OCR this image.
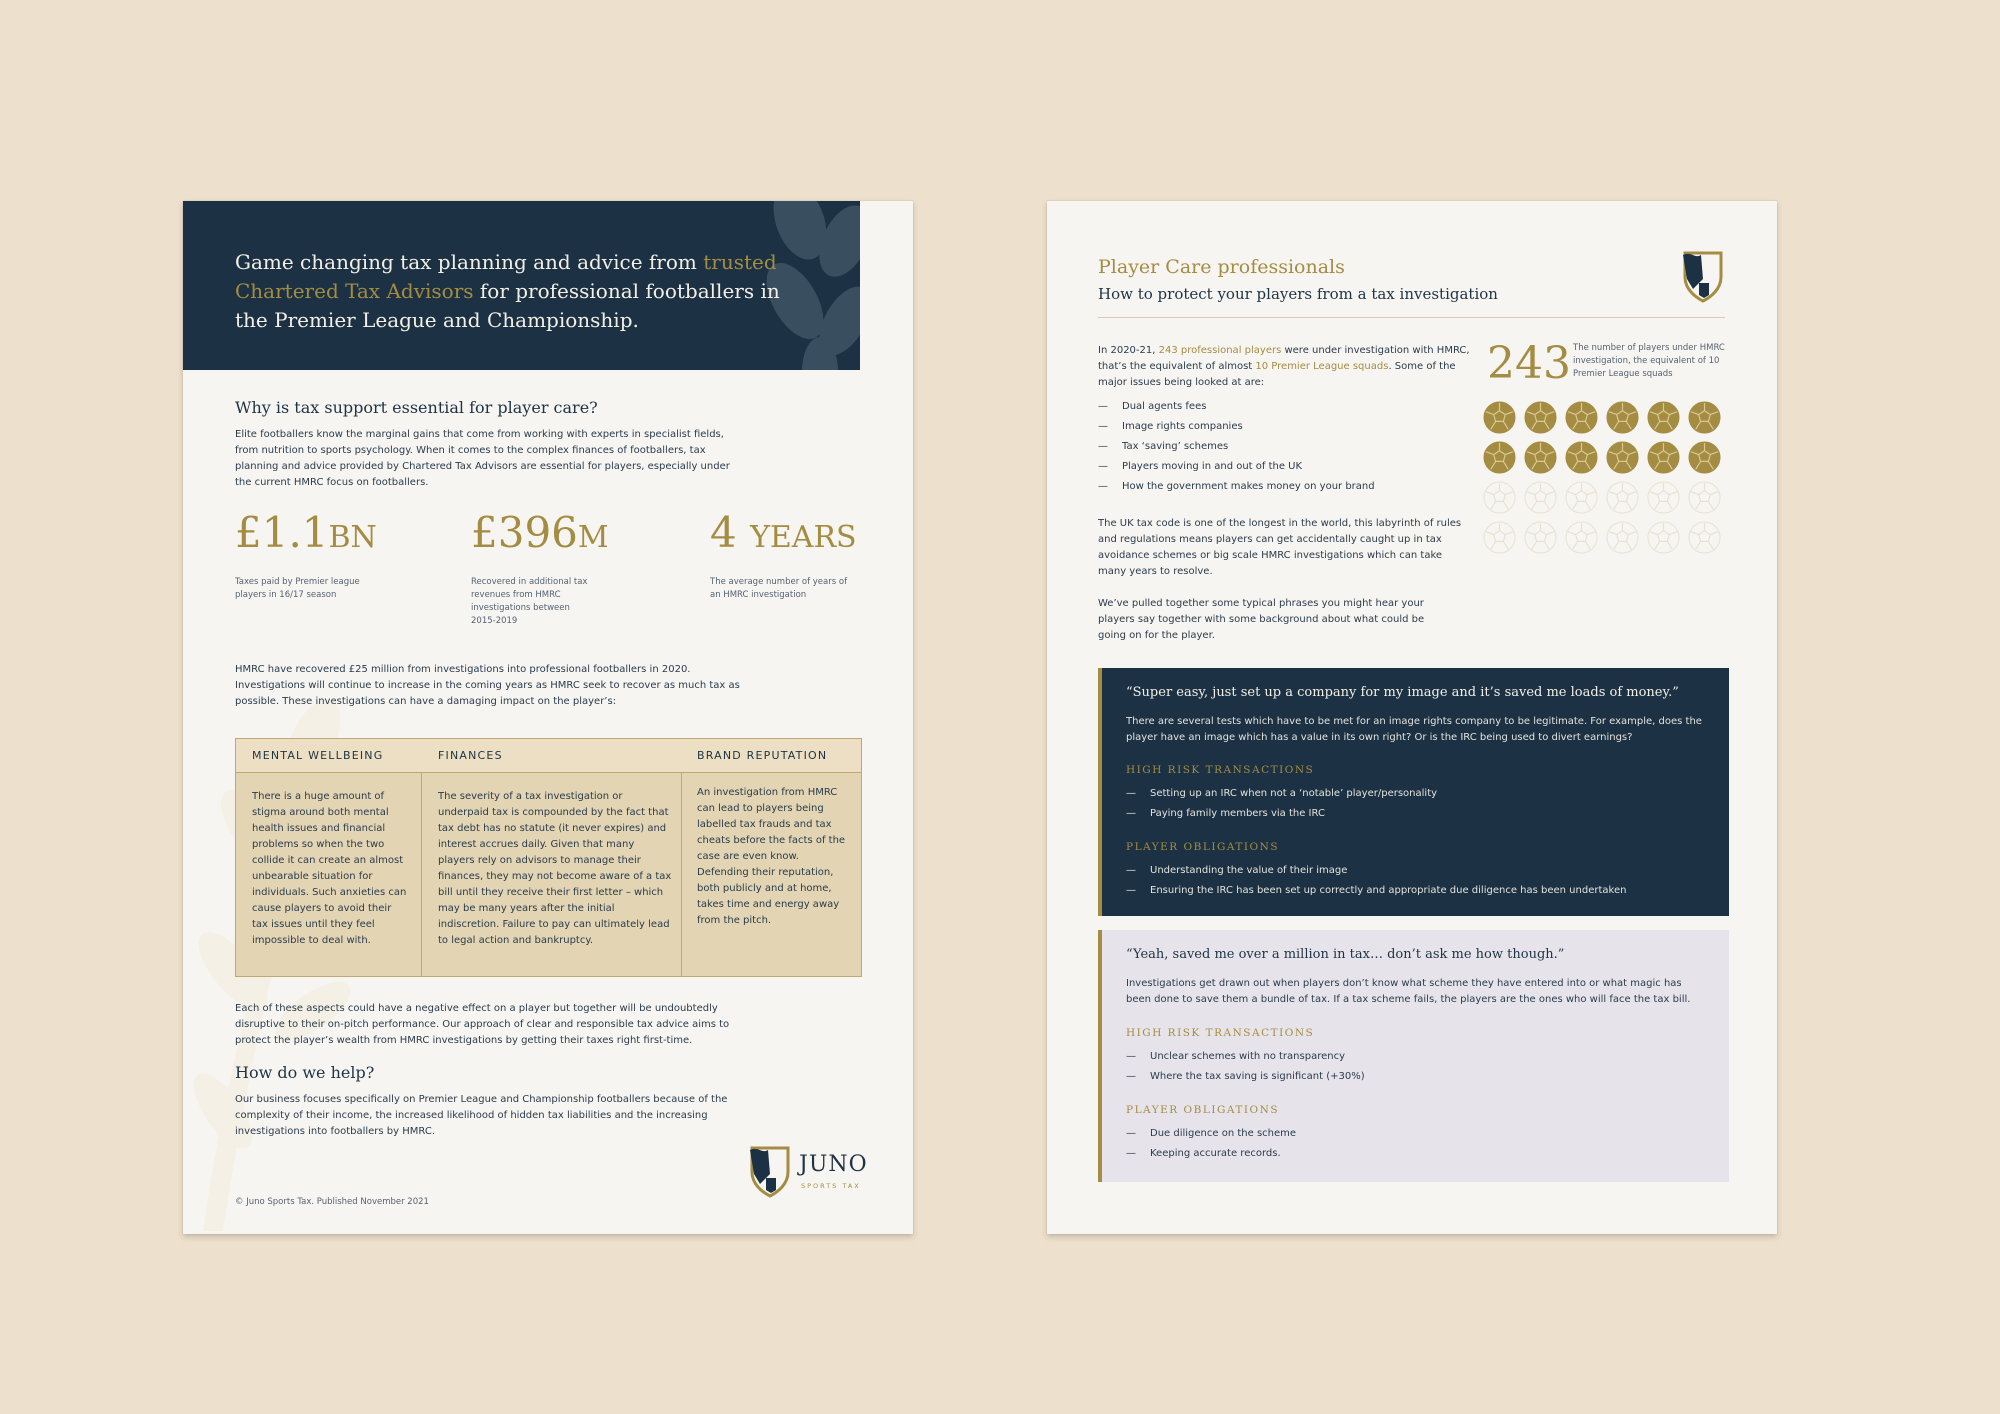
Game changing tax planning and advice from trusted Chartered Tax Advisors for professional footballers in the Premier League and Championship.
Why is tax support essential for player care?
Elite footballers know the marginal gains that come from working with experts in specialist fields, from nutrition to sports psychology. When it comes to the complex finances of footballers, tax planning and advice provided by Chartered Tax Advisors are essential for players, especially under the current HMRC focus on footballers.
£1.1BN
Taxes paid by Premier league players in 16/17 season
£396M
Recovered in additional tax revenues from HMRC investigations between 2015-2019
4 YEARS
The average number of years of an HMRC investigation
HMRC have recovered £25 million from investigations into professional footballers in 2020. Investigations will continue to increase in the coming years as HMRC seek to recover as much tax as possible. These investigations can have a damaging impact on the player’s:
MENTAL WELLBEING	FINANCES	BRAND REPUTATION
There is a huge amount of stigma around both mental health issues and financial problems so when the two collide it can create an almost unbearable situation for individuals. Such anxieties can cause players to avoid their tax issues until they feel impossible to deal with.
The severity of a tax investigation or underpaid tax is compounded by the fact that tax debt has no statute (it never expires) and interest accrues daily. Given that many players rely on advisors to manage their finances, they may not become aware of a tax bill until they receive their first letter – which may be many years after the initial indiscretion. Failure to pay can ultimately lead to legal action and bankruptcy.
An investigation from HMRC can lead to players being labelled tax frauds and tax cheats before the facts of the case are even know. Defending their reputation, both publicly and at home, takes time and energy away from the pitch.
Each of these aspects could have a negative effect on a player but together will be undoubtedly disruptive to their on-pitch performance. Our approach of clear and responsible tax advice aims to protect the player’s wealth from HMRC investigations by getting their taxes right first-time.
How do we help?
Our business focuses specifically on Premier League and Championship footballers because of the complexity of their income, the increased likelihood of hidden tax liabilities and the increasing investigations into footballers by HMRC.
JUNO
SPORTS TAX
© Juno Sports Tax. Published November 2021
Player Care professionals
How to protect your players from a tax investigation
In 2020-21, 243 professional players were under investigation with HMRC, that’s the equivalent of almost 10 Premier League squads. Some of the major issues being looked at are:
— Dual agents fees
— Image rights companies
— Tax ‘saving’ schemes
— Players moving in and out of the UK
— How the government makes money on your brand
The UK tax code is one of the longest in the world, this labyrinth of rules and regulations means players can get accidentally caught up in tax avoidance schemes or big scale HMRC investigations which can take many years to resolve.
We’ve pulled together some typical phrases you might hear your players say together with some background about what could be going on for the player.
243 The number of players under HMRC investigation, the equivalent of 10 Premier League squads
“Super easy, just set up a company for my image and it’s saved me loads of money.”
There are several tests which have to be met for an image rights company to be legitimate. For example, does the player have an image which has a value in its own right? Or is the IRC being used to divert earnings?
HIGH RISK TRANSACTIONS
— Setting up an IRC when not a ‘notable’ player/personality
— Paying family members via the IRC
PLAYER OBLIGATIONS
— Understanding the value of their image
— Ensuring the IRC has been set up correctly and appropriate due diligence has been undertaken
“Yeah, saved me over a million in tax… don’t ask me how though.”
Investigations get drawn out when players don’t know what scheme they have entered into or what magic has been done to save them a bundle of tax. If a tax scheme fails, the players are the ones who will face the tax bill.
HIGH RISK TRANSACTIONS
— Unclear schemes with no transparency
— Where the tax saving is significant (+30%)
PLAYER OBLIGATIONS
— Due diligence on the scheme
— Keeping accurate records.
